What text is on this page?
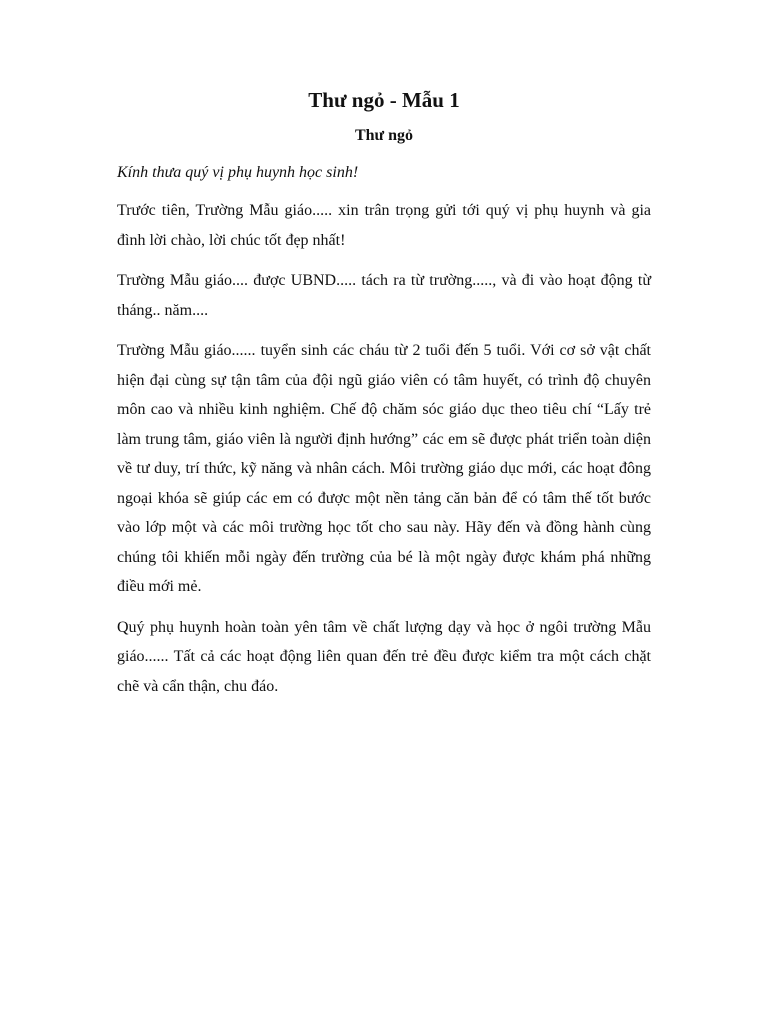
Thư ngỏ - Mẫu 1
Thư ngỏ

Kính thưa quý vị phụ huynh học sinh!

Trước tiên, Trường Mẫu giáo..... xin trân trọng gửi tới quý vị phụ huynh và gia đình lời chào, lời chúc tốt đẹp nhất!

Trường Mẫu giáo.... được UBND..... tách ra từ trường....., và đi vào hoạt động từ tháng.. năm....

Trường Mẫu giáo...... tuyển sinh các cháu từ 2 tuổi đến 5 tuổi. Với cơ sở vật chất hiện đại cùng sự tận tâm của đội ngũ giáo viên có tâm huyết, có trình độ chuyên môn cao và nhiều kinh nghiệm. Chế độ chăm sóc giáo dục theo tiêu chí “Lấy trẻ làm trung tâm, giáo viên là người định hướng” các em sẽ được phát triển toàn diện về tư duy, trí thức, kỹ năng và nhân cách. Môi trường giáo dục mới, các hoạt đông ngoại khóa sẽ giúp các em có được một nền tảng căn bản để có tâm thế tốt bước vào lớp một và các môi trường học tốt cho sau này. Hãy đến và đồng hành cùng chúng tôi khiến mỗi ngày đến trường của bé là một ngày được khám phá những điều mới mẻ.

Quý phụ huynh hoàn toàn yên tâm về chất lượng dạy và học ở ngôi trường Mẫu giáo...... Tất cả các hoạt động liên quan đến trẻ đều được kiểm tra một cách chặt chẽ và cẩn thận, chu đáo.
